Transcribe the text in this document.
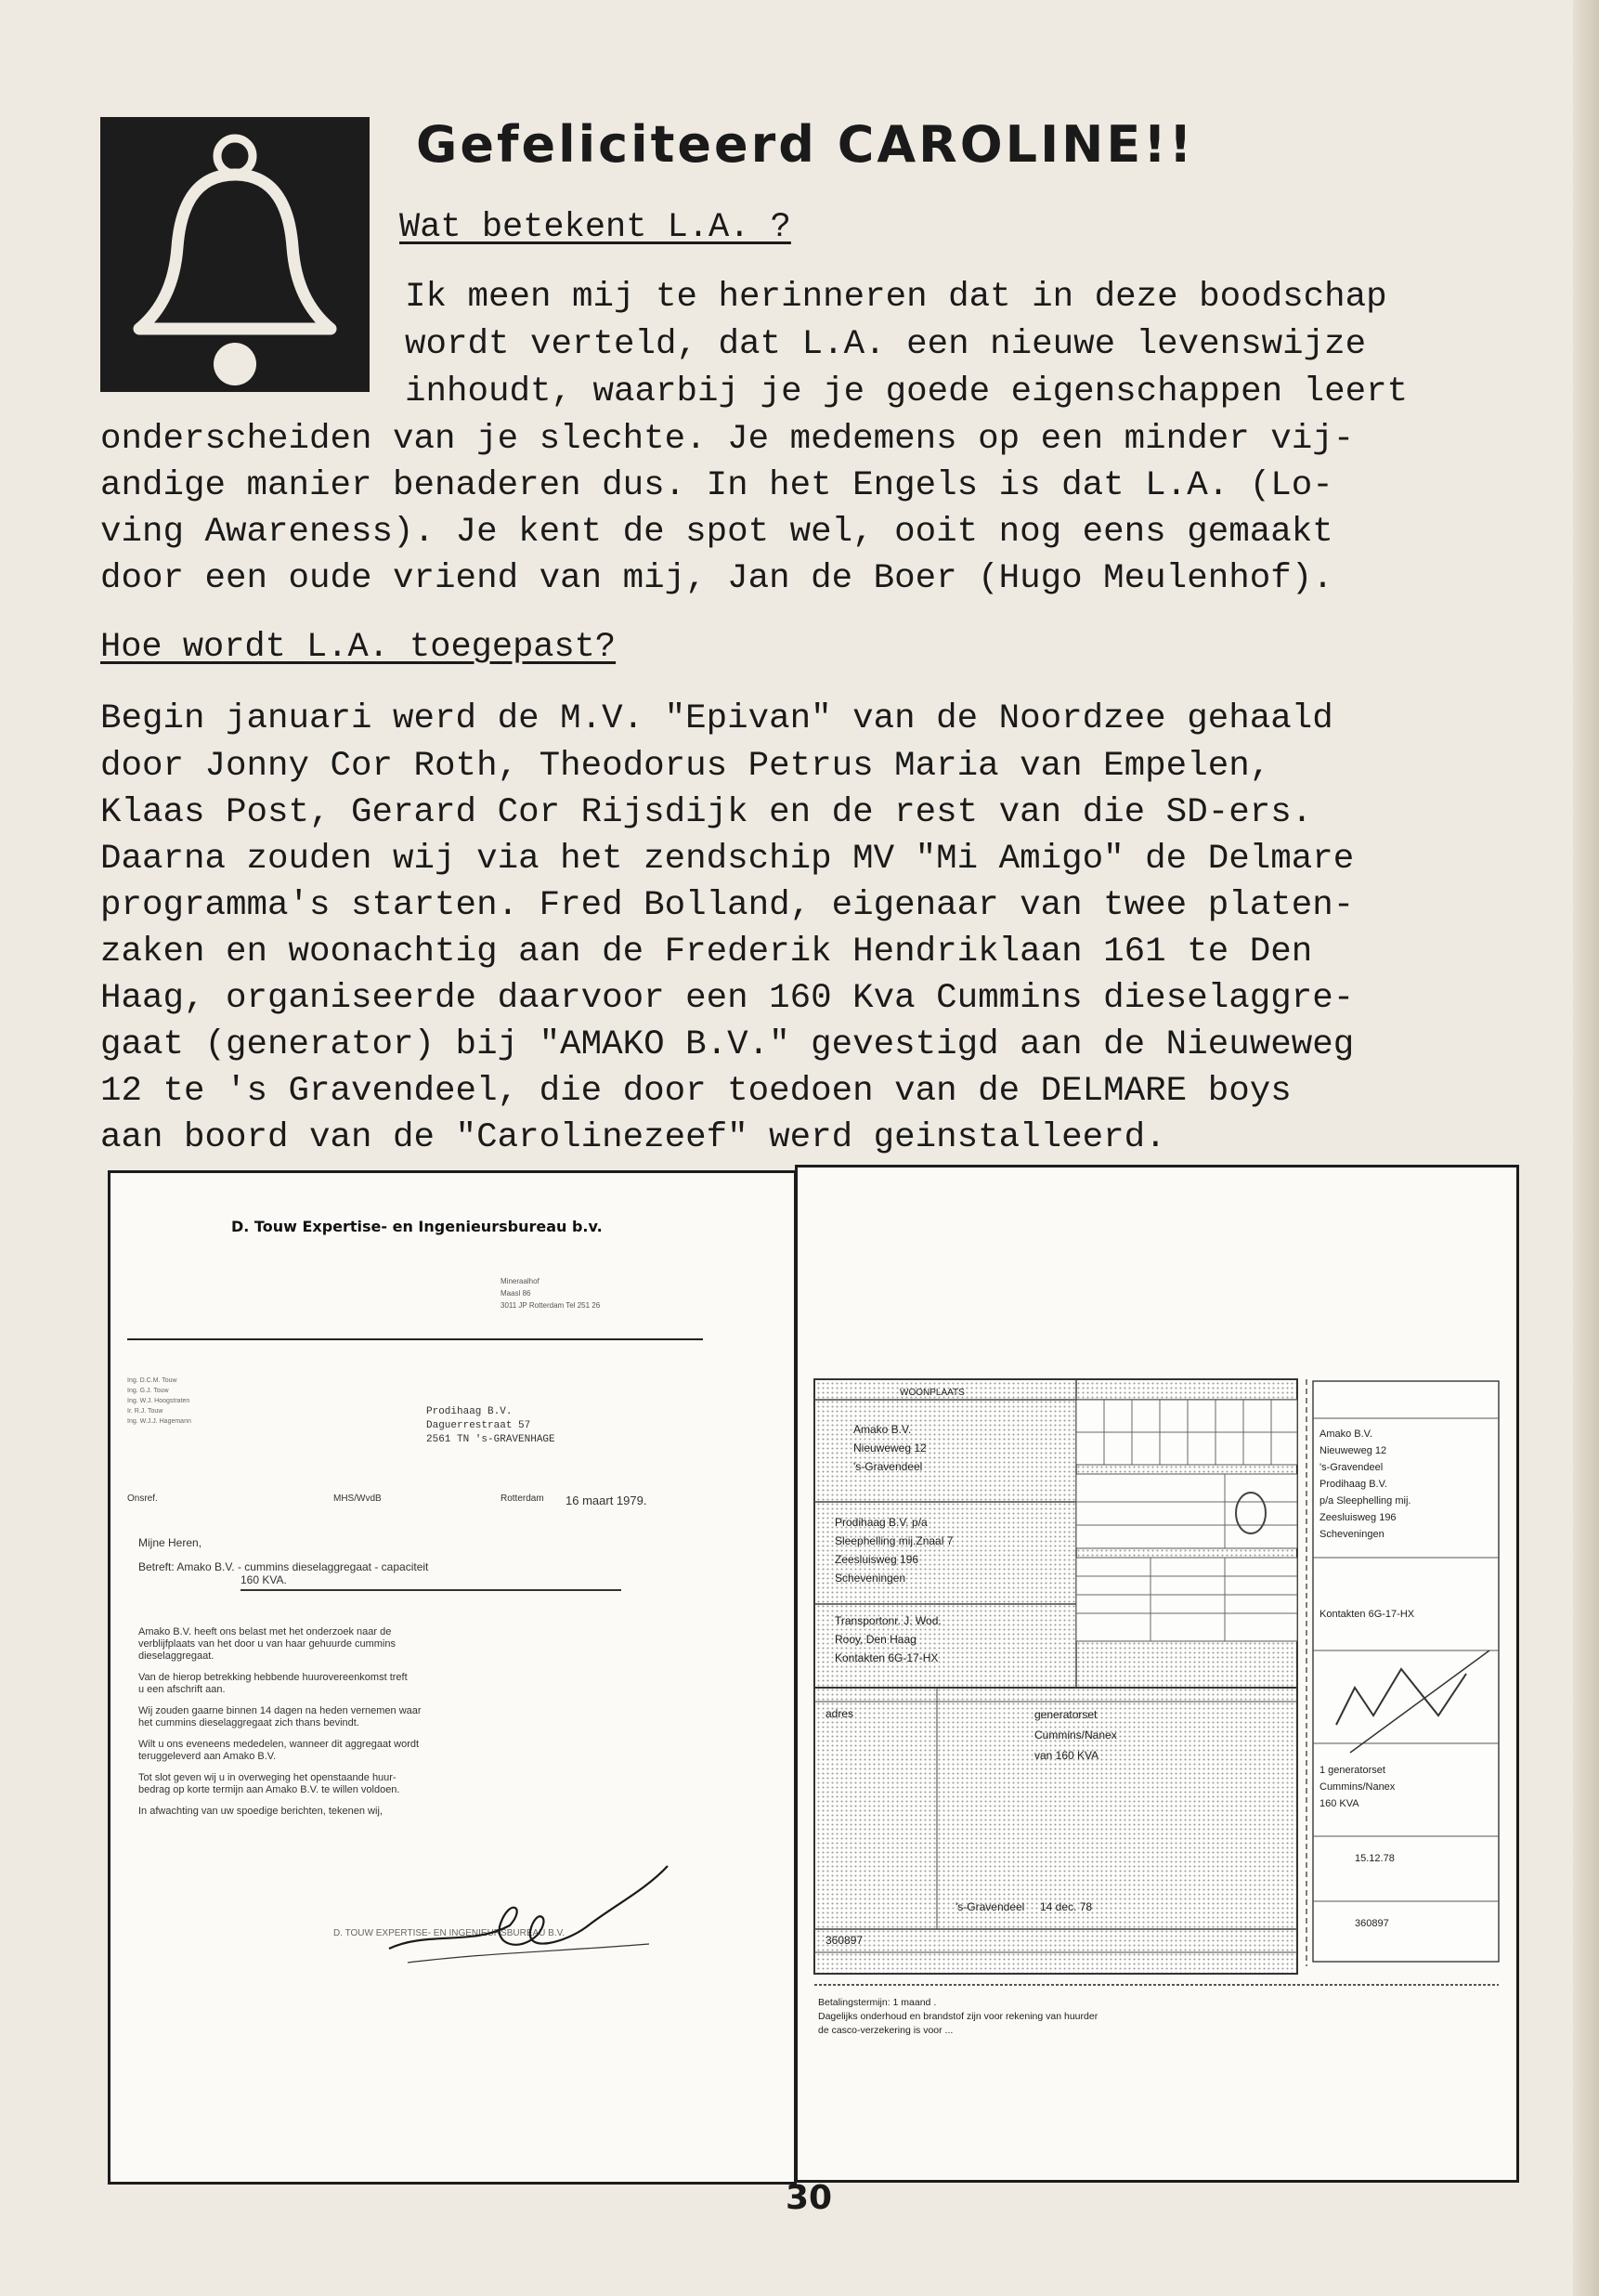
Gefeliciteerd CAROLINE!!

Wat betekent L.A. ?

Ik meen mij te herinneren dat in deze boodschap

wordt verteld, dat L.A. een nieuwe levenswijze

inhoudt, waarbij je je goede eigenschappen leert

onderscheiden van je slechte. Je medemens op een minder vij-

andige manier benaderen dus. In het Engels is dat L.A. (Lo-

ving Awareness). Je kent de spot wel, ooit nog eens gemaakt

door een oude vriend van mij, Jan de Boer (Hugo Meulenhof).

Hoe wordt L.A. toegepast?

Begin januari werd de M.V. "Epivan" van de Noordzee gehaald

door Jonny Cor Roth, Theodorus Petrus Maria van Empelen,

Klaas Post, Gerard Cor Rijsdijk en de rest van die SD-ers.

Daarna zouden wij via het zendschip MV "Mi Amigo" de Delmare

programma's starten. Fred Bolland, eigenaar van twee platen-

zaken en woonachtig aan de Frederik Hendriklaan 161 te Den

Haag, organiseerde daarvoor een 160 Kva Cummins dieselaggre-

gaat (generator) bij "AMAKO B.V." gevestigd aan de Nieuweweg

12 te 's Gravendeel, die door toedoen van de DELMARE boys

aan boord van de "Carolinezeef" werd geinstalleerd.

D. Touw Expertise- en Ingenieursbureau b.v.

Mineraalhof
Maasl 86
3011 JP Rotterdam Tel 251 26
Ing. D.C.M. Touw
Ing. G.J. Touw
Ing. W.J. Hoogstraten
Ir. R.J. Touw
Ing. W.J.J. Hagemann
Prodihaag B.V.
Daguerrestraat 57
2561 TN 's-GRAVENHAGE
Onsref.	MHS/WvdB	Rotterdam 16 maart 1979.
Mijne Heren,
Betreft: Amako B.V. - cummins dieselaggregaat - capaciteit
160 KVA.
Amako B.V. heeft ons belast met het onderzoek naar de
verblijfplaats van het door u van haar gehuurde cummins
dieselaggregaat.
Van de hierop betrekking hebbende huurovereenkomst treft
u een afschrift aan.
Wij zouden gaarne binnen 14 dagen na heden vernemen waar
het cummins dieselaggregaat zich thans bevindt.
Wilt u ons eveneens mededelen, wanneer dit aggregaat wordt
teruggeleverd aan Amako B.V.
Tot slot geven wij u in overweging het openstaande huur-
bedrag op korte termijn aan Amako B.V. te willen voldoen.
In afwachting van uw spoedige berichten, tekenen wij,
D. TOUW EXPERTISE- EN INGENIEURSBUREAU B.V.
WOONPLAATS
Amako B.V.
Nieuweweg 12
's-Gravendeel
Prodihaag B.V. p/a
Sleephelling mij.Znaal 7
Zeesluisweg 196
Scheveningen
Transportonr. J. Wod.
Rooy, Den Haag
Kontakten 6G-17-HX
adres	generatorset
Cummins/Nanex
van 160 KVA
's-Gravendeel     14 dec. 78
360897
Amako B.V.
Nieuweweg 12
's-Gravendeel
Prodihaag B.V.
p/a Sleephelling mij.
Zeesluisweg 196
Scheveningen
Kontakten 6G-17-HX
1 generatorset
Cummins/Nanex
160 KVA
15.12.78
360897
Betalingstermijn: 1 maand .
Dagelijks onderhoud en brandstof zijn voor rekening van huurder
de casco-verzekering is voor ...

30
